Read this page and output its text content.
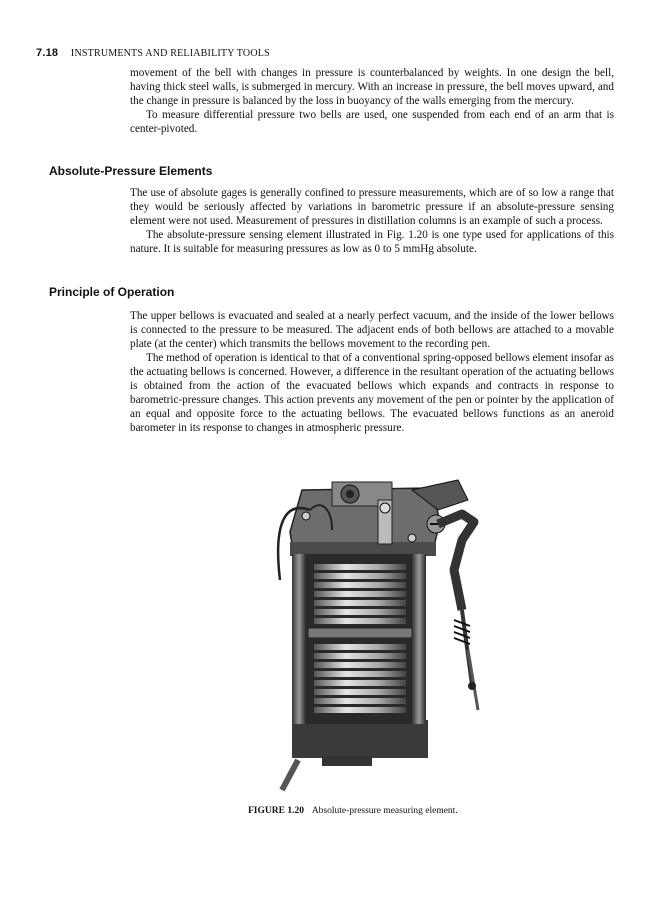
7.18 INSTRUMENTS AND RELIABILITY TOOLS

movement of the bell with changes in pressure is counterbalanced by weights. In one design the bell, having thick steel walls, is submerged in mercury. With an increase in pressure, the bell moves upward, and the change in pressure is balanced by the loss in buoyancy of the walls emerging from the mercury.

To measure differential pressure two bells are used, one suspended from each end of an arm that is center-pivoted.

Absolute-Pressure Elements

The use of absolute gages is generally confined to pressure measurements, which are of so low a range that they would be seriously affected by variations in barometric pressure if an absolute-pressure sensing element were not used. Measurement of pressures in distillation columns is an example of such a process.

The absolute-pressure sensing element illustrated in Fig. 1.20 is one type used for applications of this nature. It is suitable for measuring pressures as low as 0 to 5 mmHg absolute.

Principle of Operation

The upper bellows is evacuated and sealed at a nearly perfect vacuum, and the inside of the lower bellows is connected to the pressure to be measured. The adjacent ends of both bellows are attached to a movable plate (at the center) which transmits the bellows movement to the recording pen.

The method of operation is identical to that of a conventional spring-opposed bellows element insofar as the actuating bellows is concerned. However, a difference in the resultant operation of the actuating bellows is obtained from the action of the evacuated bellows which expands and contracts in response to barometric-pressure changes. This action prevents any movement of the pen or pointer by the application of an equal and opposite force to the actuating bellows. The evacuated bellows functions as an aneroid barometer in its response to changes in atmospheric pressure.

FIGURE 1.20 Absolute-pressure measuring element.
